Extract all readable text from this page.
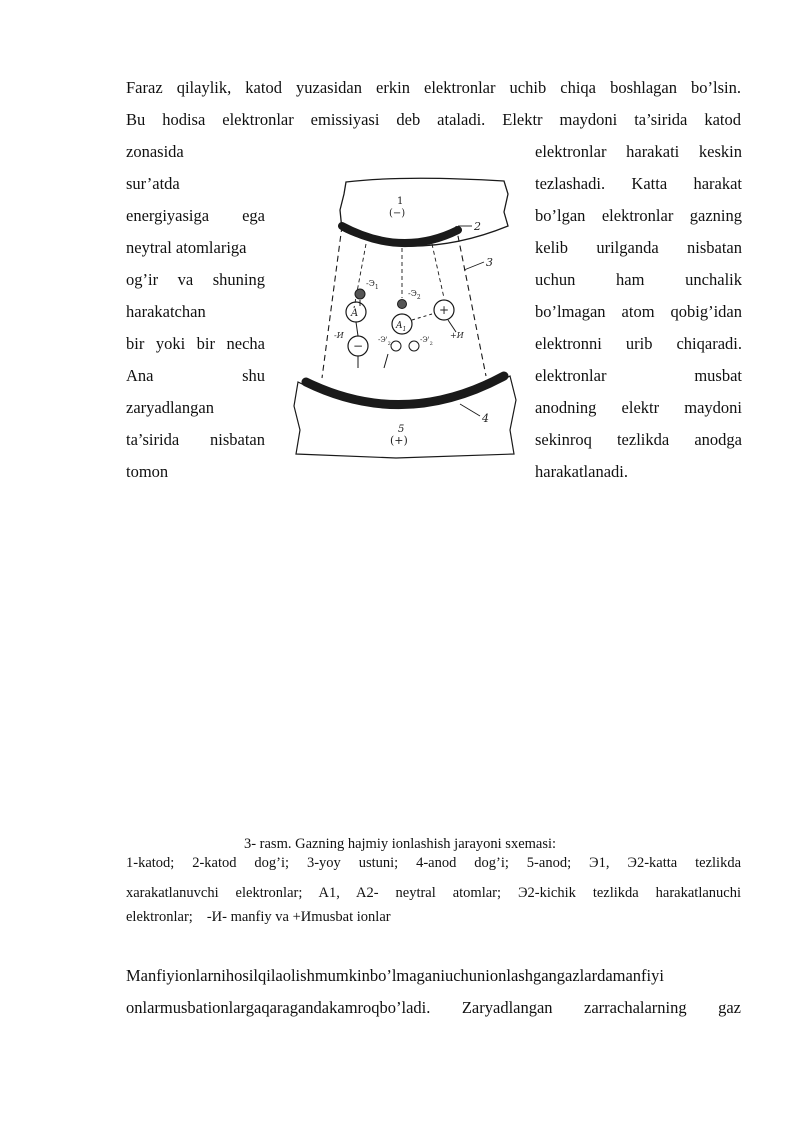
Faraz qilaylik, katod yuzasidan erkin elektronlar uchib chiqa boshlagan bo’lsin.
Bu hodisa elektronlar emissiyasi deb ataladi. Elektr maydoni ta’sirida katod
zonasida
sur’atda
energiyasiga ega
neytral atomlariga
og’ir va shuning
harakatchan
bir yoki bir necha
Ana shu
zaryadlangan
ta’sirida nisbatan
tomon
elektronlar harakati keskin
tezlashadi. Katta harakat
bo’lgan elektronlar gazning
kelib urilganda nisbatan
uchun ham unchalik
bo’lmagan atom qobig’idan
elektronni urib chiqaradi.
elektronlar musbat
anodning elektr maydoni
sekinroq tezlikda anodga
harakatlanadi.
1
(−)
2
3
$-Э_1$
$-Э_2$
A
$A_1$
−
+
-И	+И
$-Э'_2$	$-Э'_2$
4
5
(+)
3- rasm. Gazning hajmiy ionlashish jarayoni sxemasi:
1-katod; 2-katod dog’i; 3-yoy ustuni; 4-anod dog’i; 5-anod; Э1, Э2-katta tezlikda
xarakatlanuvchi elektronlar; A1, A2- neytral atomlar; Э2-kichik tezlikda harakatlanuchi
elektronlar; -И- manfiy va +Иmusbat ionlar
Manfiyionlarnihosilqilaolishmumkinbo’lmaganiuchunionlashgangazlardamanfiyi
onlarmusbationlargaqaragandakamroqbo’ladi. Zaryadlangan zarrachalarning gaz
